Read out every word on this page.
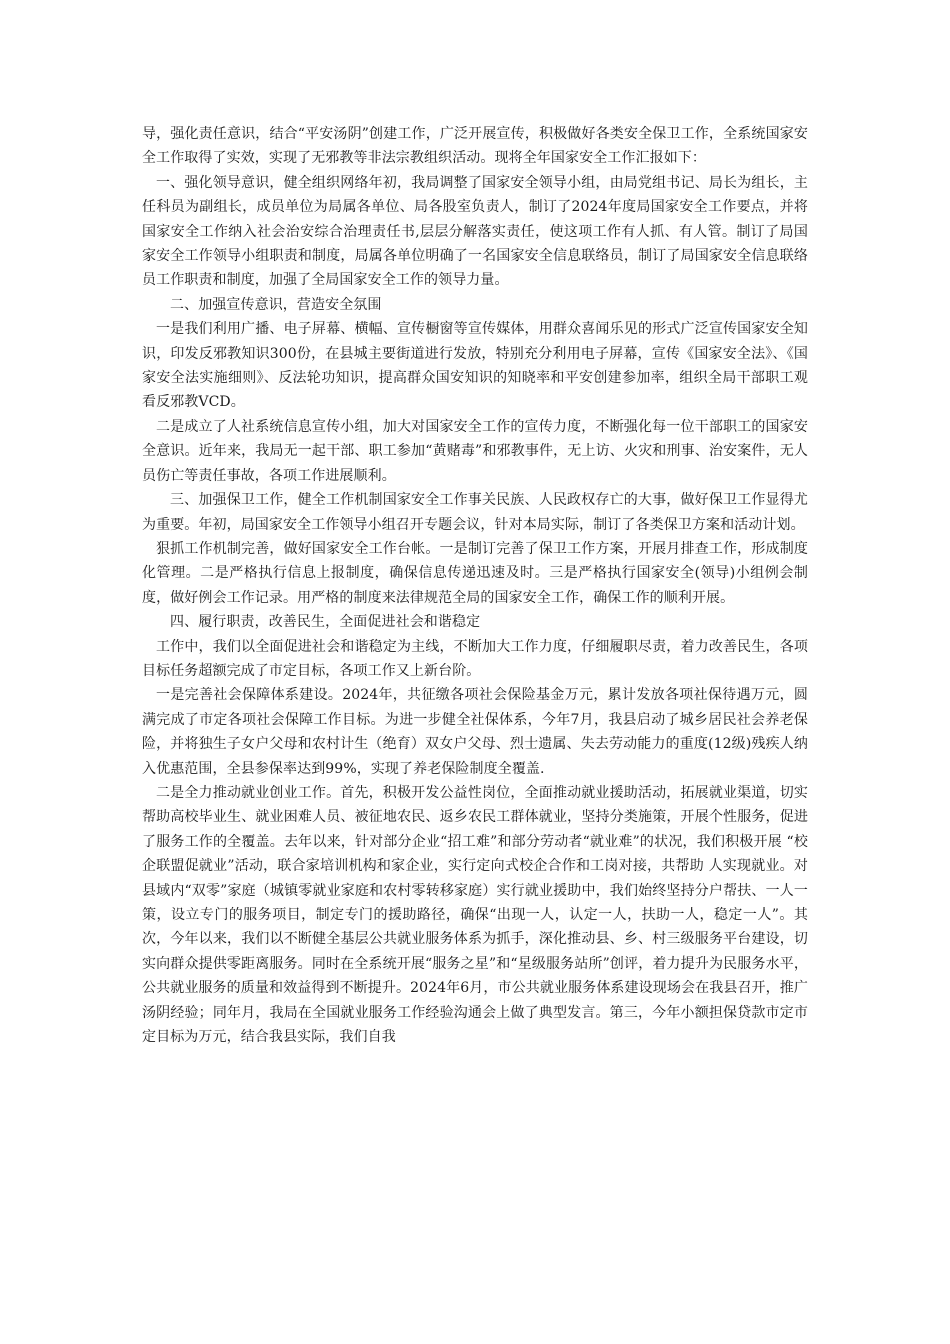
导，强化责任意识，结合“平安汤阴”创建工作，广泛开展宣传，积极做好各类安全保卫工作，全系统国家安全工作取得了实效，实现了无邪教等非法宗教组织活动。现将全年国家安全工作汇报如下：

一、强化领导意识，健全组织网络年初，我局调整了国家安全领导小组，由局党组书记、局长为组长，主任科员为副组长，成员单位为局属各单位、局各股室负责人，制订了2024年度局国家安全工作要点，并将国家安全工作纳入社会治安综合治理责任书,层层分解落实责任，使这项工作有人抓、有人管。制订了局国家安全工作领导小组职责和制度，局属各单位明确了一名国家安全信息联络员，制订了局国家安全信息联络员工作职责和制度，加强了全局国家安全工作的领导力量。

二、加强宣传意识，营造安全氛围

一是我们利用广播、电子屏幕、横幅、宣传橱窗等宣传媒体，用群众喜闻乐见的形式广泛宣传国家安全知识，印发反邪教知识300份，在县城主要街道进行发放，特别充分利用电子屏幕，宣传《国家安全法》、《国家安全法实施细则》、反法轮功知识，提高群众国安知识的知晓率和平安创建参加率，组织全局干部职工观看反邪教VCD。

二是成立了人社系统信息宣传小组，加大对国家安全工作的宣传力度，不断强化每一位干部职工的国家安全意识。近年来，我局无一起干部、职工参加“黄赌毒”和邪教事件，无上访、火灾和刑事、治安案件，无人员伤亡等责任事故，各项工作进展顺利。

三、加强保卫工作，健全工作机制国家安全工作事关民族、人民政权存亡的大事，做好保卫工作显得尤为重要。年初，局国家安全工作领导小组召开专题会议，针对本局实际，制订了各类保卫方案和活动计划。

狠抓工作机制完善，做好国家安全工作台帐。一是制订完善了保卫工作方案，开展月排查工作，形成制度化管理。二是严格执行信息上报制度，确保信息传递迅速及时。三是严格执行国家安全(领导)小组例会制度，做好例会工作记录。用严格的制度来法律规范全局的国家安全工作，确保工作的顺利开展。

四、履行职责，改善民生，全面促进社会和谐稳定

工作中，我们以全面促进社会和谐稳定为主线，不断加大工作力度，仔细履职尽责，着力改善民生，各项目标任务超额完成了市定目标，各项工作又上新台阶。

一是完善社会保障体系建设。2024年，共征缴各项社会保险基金万元，累计发放各项社保待遇万元，圆满完成了市定各项社会保障工作目标。为进一步健全社保体系，今年7月，我县启动了城乡居民社会养老保险，并将独生子女户父母和农村计生（绝育）双女户父母、烈士遗属、失去劳动能力的重度(12级)残疾人纳入优惠范围，全县参保率达到99%，实现了养老保险制度全覆盖.

二是全力推动就业创业工作。首先，积极开发公益性岗位，全面推动就业援助活动，拓展就业渠道，切实帮助高校毕业生、就业困难人员、被征地农民、返乡农民工群体就业，坚持分类施策，开展个性服务，促进了服务工作的全覆盖。去年以来，针对部分企业“招工难”和部分劳动者“就业难”的状况，我们积极开展 “校企联盟促就业”活动，联合家培训机构和家企业，实行定向式校企合作和工岗对接，共帮助 人实现就业。对县域内“双零”家庭（城镇零就业家庭和农村零转移家庭）实行就业援助中，我们始终坚持分户帮扶、一人一策，设立专门的服务项目，制定专门的援助路径，确保“出现一人，认定一人，扶助一人，稳定一人”。其次，今年以来，我们以不断健全基层公共就业服务体系为抓手，深化推动县、乡、村三级服务平台建设，切实向群众提供零距离服务。同时在全系统开展“服务之星”和“星级服务站所”创评，着力提升为民服务水平，公共就业服务的质量和效益得到不断提升。2024年6月，市公共就业服务体系建设现场会在我县召开，推广汤阴经验；同年月，我局在全国就业服务工作经验沟通会上做了典型发言。第三，今年小额担保贷款市定市定目标为万元，结合我县实际，我们自我
